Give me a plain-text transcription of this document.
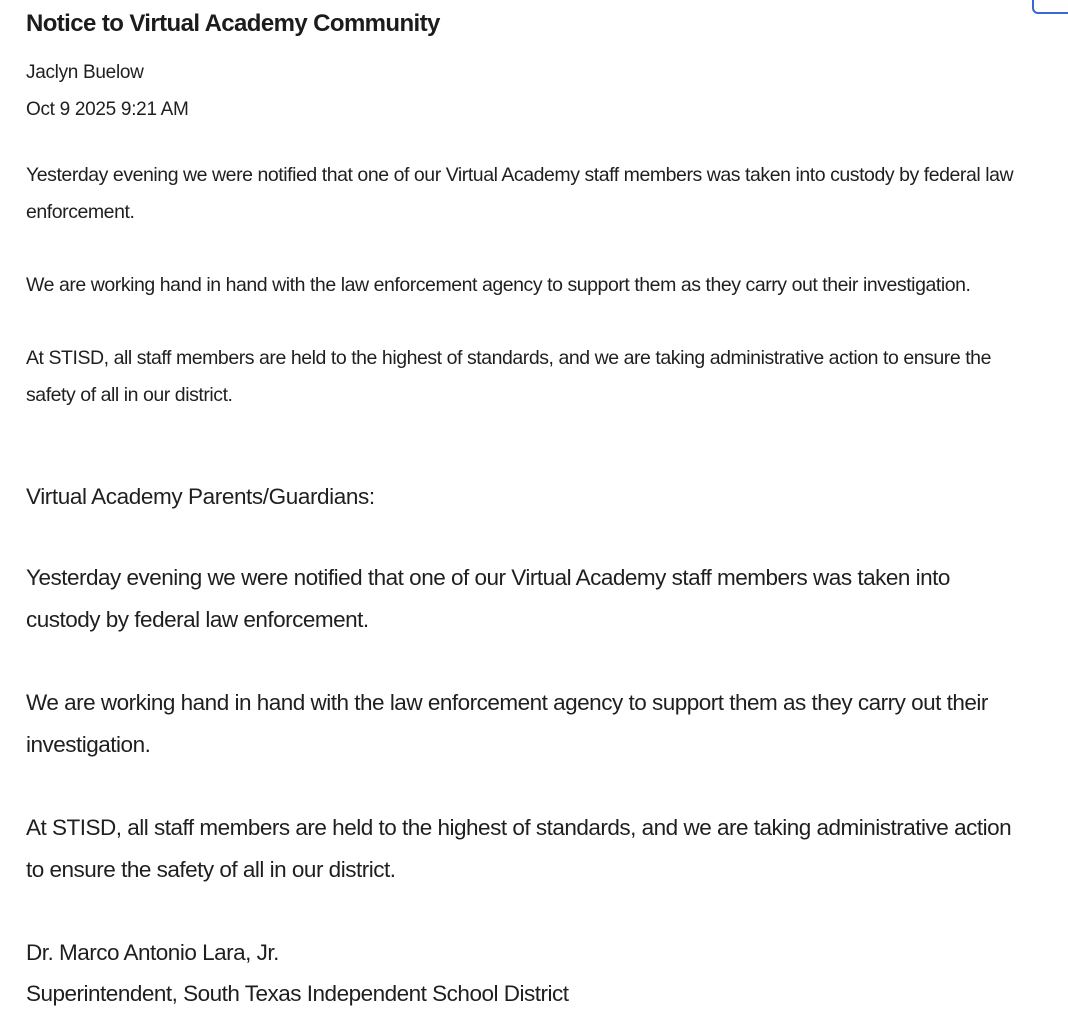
Notice to Virtual Academy Community
Jaclyn Buelow
Oct 9 2025 9:21 AM

Yesterday evening we were notified that one of our Virtual Academy staff members was taken into custody by federal law enforcement.

We are working hand in hand with the law enforcement agency to support them as they carry out their investigation.

At STISD, all staff members are held to the highest of standards, and we are taking administrative action to ensure the safety of all in our district.

Virtual Academy Parents/Guardians:

Yesterday evening we were notified that one of our Virtual Academy staff members was taken into custody by federal law enforcement.

We are working hand in hand with the law enforcement agency to support them as they carry out their investigation.

At STISD, all staff members are held to the highest of standards, and we are taking administrative action to ensure the safety of all in our district.

Dr. Marco Antonio Lara, Jr.
Superintendent, South Texas Independent School District
